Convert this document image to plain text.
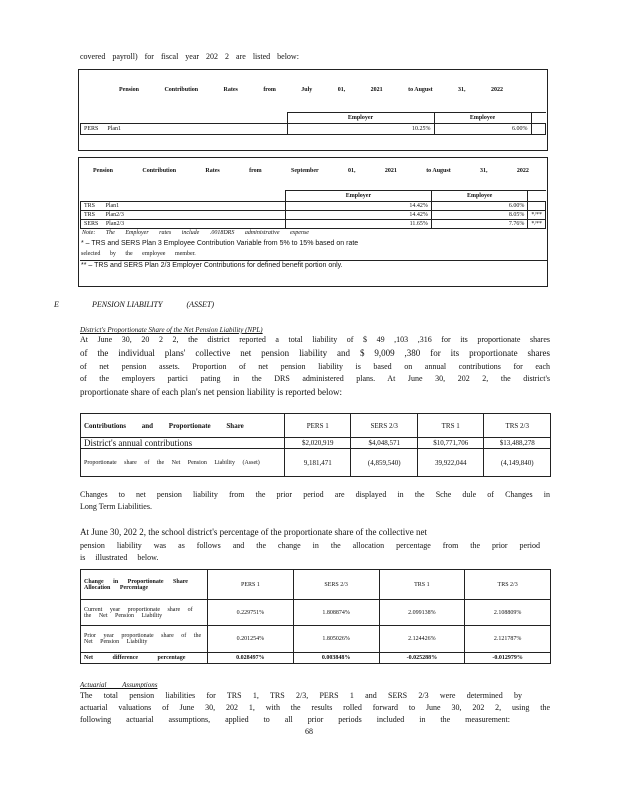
covered payroll) for fiscal year 202 2 are listed below:
Pension	Contribution	Rates	from	July	01,	2021	to August	31,	2022
	Employer	Employee	
PERS Plan1	10.25%	6.00%	
Pension	Contribution	Rates	from	September	01,	2021	to August	31,	2022
	Employer	Employee	
TRS Plan1	14.42%	6.00%	
TRS Plan2/3	14.42%	8.05%	*/**
SERS Plan2/3	11.65%	7.76%	*/**
Note: The Employer rates include .0018DRS administrative expense
* – TRS and SERS Plan 3 Employee Contribution Variable from 5% to 15% based on rate
selected by the employee member.
** – TRS and SERS Plan 2/3 Employer Contributions for defined benefit portion only.
E	PENSION LIABILITY	(ASSET)
District's Proportionate Share of the Net Pension Liability (NPL)
At June 30, 20 2 2, the district reported a total liability of $ 49 ,103 ,316 for its proportionate shares
of the individual plans' collective net pension liability and $ 9,009 ,380 for its proportionate shares
of net pension assets. Proportion of net pension liability is based on annual contributions for each
of the employers partici pating in the DRS administered plans. At June 30, 202 2, the district's
proportionate share of each plan's net pension liability is reported below:
Contributions and Proportionate Share	PERS 1	SERS 2/3	TRS 1	TRS 2/3
District's annual contributions	$2,020,919	$4,048,571	$10,771,706	$13,488,278
Proportionate share of the Net Pension Liability (Asset)	9,181,471	(4,859,540)	39,922,044	(4,149,840)
Changes to net pension liability from the prior period are displayed in the Sche dule of Changes in
Long Term Liabilities.
At June 30, 202 2, the school district's percentage of the proportionate share of the collective net
pension liability was as follows and the change in the allocation percentage from the prior period
is illustrated below.
Change in Proportionate Share Allocation Percentage	PERS 1	SERS 2/3	TRS 1	TRS 2/3
Current year proportionate share of the Net Pension Liability	0.229751%	1.808874%	2.099138%	2.108809%
Prior year proportionate share of the Net Pension Liability	0.201254%	1.805026%	2.124426%	2.121787%
Net difference percentage	0.028497%	0.003848%	-0.025288%	-0.012979%
Actuarial Assumptions
The total pension liabilities for TRS 1, TRS 2/3, PERS 1 and SERS 2/3 were determined by
actuarial valuations of June 30, 202 1, with the results rolled forward to June 30, 202 2, using the
following actuarial assumptions, applied to all prior periods included in the measurement:
68
